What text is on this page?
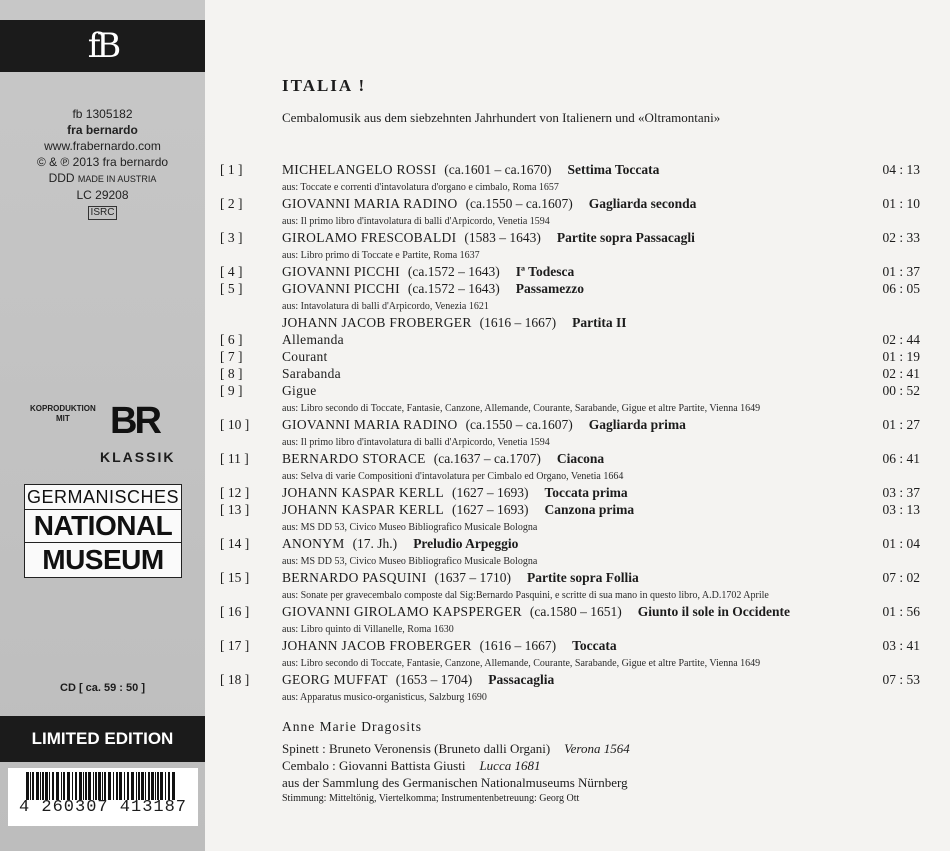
fB
fb 1305182
fra bernardo
www.frabernardo.com
© & ℗ 2013 fra bernardo
DDD MADE IN AUSTRIA
LC 29208
ISRC
KOPRODUKTION
MIT	BR
KLASSIK
GERMANISCHES
NATIONAL
MUSEUM
CD [ ca. 59 : 50 ]
LIMITED EDITION
4 260307 413187
ITALIA !
Cembalomusik aus dem siebzehnten Jahrhundert von Italienern und «Oltramontani»
[ 1 ]	MICHELANGELO ROSSI (ca.1601 – ca.1670) Settima Toccata	04 : 13
aus: Toccate e correnti d'intavolatura d'organo e cimbalo, Roma 1657
[ 2 ]	GIOVANNI MARIA RADINO (ca.1550 – ca.1607) Gagliarda seconda	01 : 10
aus: Il primo libro d'intavolatura di balli d'Arpicordo, Venetia 1594
[ 3 ]	GIROLAMO FRESCOBALDI (1583 – 1643) Partite sopra Passacagli	02 : 33
aus: Libro primo di Toccate e Partite, Roma 1637
[ 4 ]	GIOVANNI PICCHI (ca.1572 – 1643) Iª Todesca	01 : 37
[ 5 ]	GIOVANNI PICCHI (ca.1572 – 1643) Passamezzo	06 : 05
aus: Intavolatura di balli d'Arpicordo, Venezia 1621
JOHANN JACOB FROBERGER (1616 – 1667) Partita II
[ 6 ]	Allemanda	02 : 44
[ 7 ]	Courant	01 : 19
[ 8 ]	Sarabanda	02 : 41
[ 9 ]	Gigue	00 : 52
aus: Libro secondo di Toccate, Fantasie, Canzone, Allemande, Courante, Sarabande, Gigue et altre Partite, Vienna 1649
[ 10 ]	GIOVANNI MARIA RADINO (ca.1550 – ca.1607) Gagliarda prima	01 : 27
aus: Il primo libro d'intavolatura di balli d'Arpicordo, Venetia 1594
[ 11 ]	BERNARDO STORACE (ca.1637 – ca.1707) Ciacona	06 : 41
aus: Selva di varie Compositioni d'intavolatura per Cimbalo ed Organo, Venetia 1664
[ 12 ]	JOHANN KASPAR KERLL (1627 – 1693) Toccata prima	03 : 37
[ 13 ]	JOHANN KASPAR KERLL (1627 – 1693) Canzona prima	03 : 13
aus: MS DD 53, Civico Museo Bibliografico Musicale Bologna
[ 14 ]	ANONYM (17. Jh.) Preludio Arpeggio	01 : 04
aus: MS DD 53, Civico Museo Bibliografico Musicale Bologna
[ 15 ]	BERNARDO PASQUINI (1637 – 1710) Partite sopra Follia	07 : 02
aus: Sonate per gravecembalo composte dal Sig:Bernardo Pasquini, e scritte di sua mano in questo libro, A.D.1702 Aprile
[ 16 ]	GIOVANNI GIROLAMO KAPSPERGER (ca.1580 – 1651) Giunto il sole in Occidente	01 : 56
aus: Libro quinto di Villanelle, Roma 1630
[ 17 ]	JOHANN JACOB FROBERGER (1616 – 1667) Toccata	03 : 41
aus: Libro secondo di Toccate, Fantasie, Canzone, Allemande, Courante, Sarabande, Gigue et altre Partite, Vienna 1649
[ 18 ]	GEORG MUFFAT (1653 – 1704) Passacaglia	07 : 53
aus: Apparatus musico-organisticus, Salzburg 1690
Anne Marie Dragosits
Spinett : Bruneto Veronensis (Bruneto dalli Organi) Verona 1564
Cembalo : Giovanni Battista Giusti Lucca 1681
aus der Sammlung des Germanischen Nationalmuseums Nürnberg
Stimmung: Mitteltönig, Viertelkomma; Instrumentenbetreuung: Georg Ott
